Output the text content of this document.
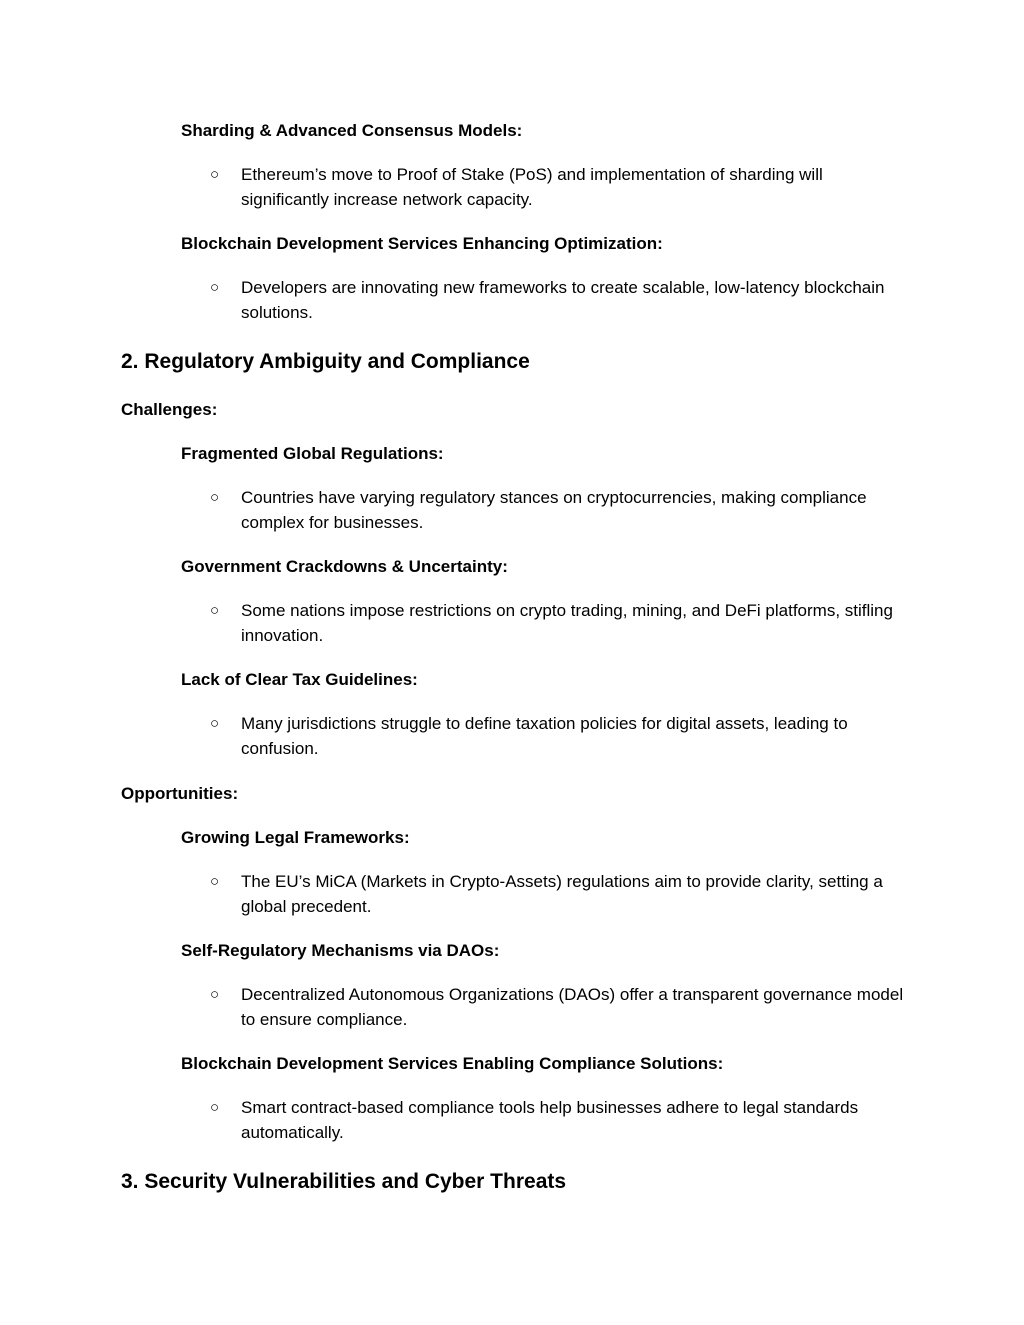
Sharding & Advanced Consensus Models:
○ Ethereum’s move to Proof of Stake (PoS) and implementation of sharding will significantly increase network capacity.
Blockchain Development Services Enhancing Optimization:
○ Developers are innovating new frameworks to create scalable, low-latency blockchain solutions.
2. Regulatory Ambiguity and Compliance
Challenges:
Fragmented Global Regulations:
○ Countries have varying regulatory stances on cryptocurrencies, making compliance complex for businesses.
Government Crackdowns & Uncertainty:
○ Some nations impose restrictions on crypto trading, mining, and DeFi platforms, stifling innovation.
Lack of Clear Tax Guidelines:
○ Many jurisdictions struggle to define taxation policies for digital assets, leading to confusion.
Opportunities:
Growing Legal Frameworks:
○ The EU’s MiCA (Markets in Crypto-Assets) regulations aim to provide clarity, setting a global precedent.
Self-Regulatory Mechanisms via DAOs:
○ Decentralized Autonomous Organizations (DAOs) offer a transparent governance model to ensure compliance.
Blockchain Development Services Enabling Compliance Solutions:
○ Smart contract-based compliance tools help businesses adhere to legal standards automatically.
3. Security Vulnerabilities and Cyber Threats
